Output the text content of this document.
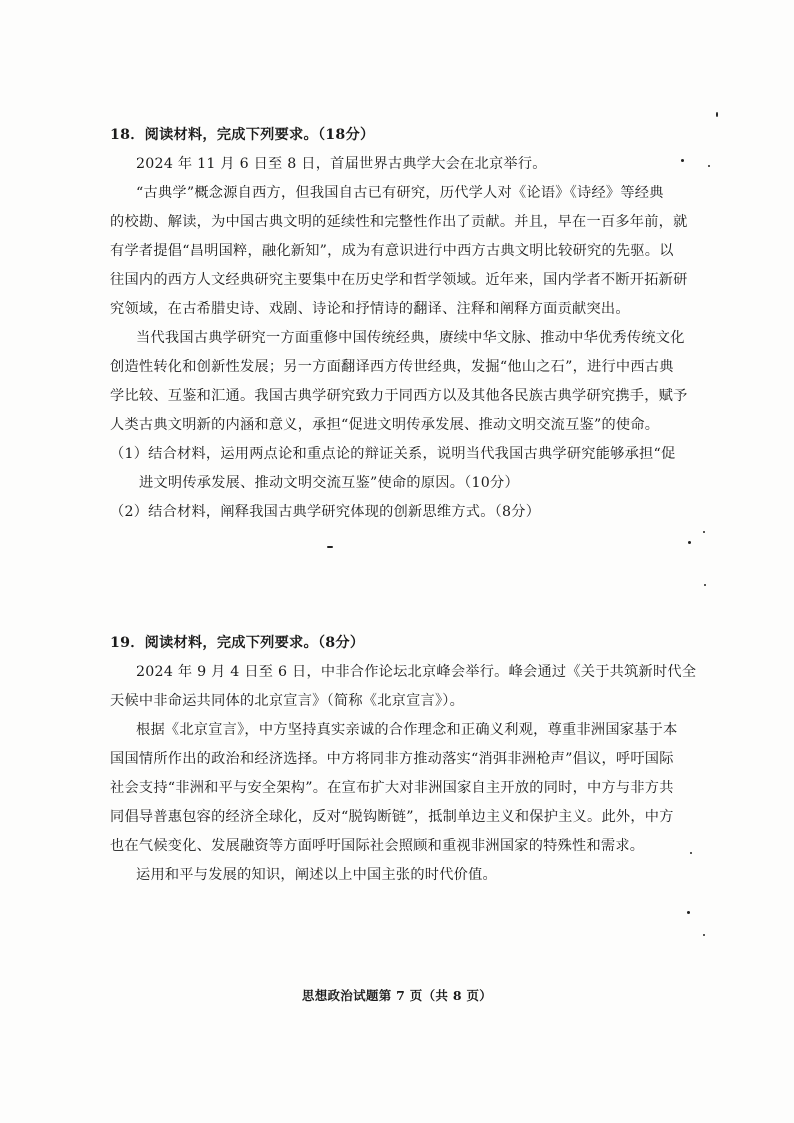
18．阅读材料，完成下列要求。（18分）
2024 年 11 月 6 日至 8 日，首届世界古典学大会在北京举行。
“古典学”概念源自西方，但我国自古已有研究，历代学人对《论语》《诗经》等经典
的校勘、解读，为中国古典文明的延续性和完整性作出了贡献。并且，早在一百多年前，就
有学者提倡“昌明国粹，融化新知”，成为有意识进行中西方古典文明比较研究的先驱。以
往国内的西方人文经典研究主要集中在历史学和哲学领域。近年来，国内学者不断开拓新研
究领域，在古希腊史诗、戏剧、诗论和抒情诗的翻译、注释和阐释方面贡献突出。
当代我国古典学研究一方面重修中国传统经典，赓续中华文脉、推动中华优秀传统文化
创造性转化和创新性发展；另一方面翻译西方传世经典，发掘“他山之石”，进行中西古典
学比较、互鉴和汇通。我国古典学研究致力于同西方以及其他各民族古典学研究携手，赋予
人类古典文明新的内涵和意义，承担“促进文明传承发展、推动文明交流互鉴”的使命。
（1）结合材料，运用两点论和重点论的辩证关系，说明当代我国古典学研究能够承担“促
进文明传承发展、推动文明交流互鉴”使命的原因。（10分）
（2）结合材料，阐释我国古典学研究体现的创新思维方式。（8分）
19．阅读材料，完成下列要求。（8分）
2024 年 9 月 4 日至 6 日，中非合作论坛北京峰会举行。峰会通过《关于共筑新时代全
天候中非命运共同体的北京宣言》（简称《北京宣言》）。
根据《北京宣言》，中方坚持真实亲诚的合作理念和正确义利观，尊重非洲国家基于本
国国情所作出的政治和经济选择。中方将同非方推动落实“消弭非洲枪声”倡议，呼吁国际
社会支持“非洲和平与安全架构”。在宣布扩大对非洲国家自主开放的同时，中方与非方共
同倡导普惠包容的经济全球化，反对“脱钩断链”，抵制单边主义和保护主义。此外，中方
也在气候变化、发展融资等方面呼吁国际社会照顾和重视非洲国家的特殊性和需求。
运用和平与发展的知识，阐述以上中国主张的时代价值。
思想政治试题第 7 页（共 8 页）
